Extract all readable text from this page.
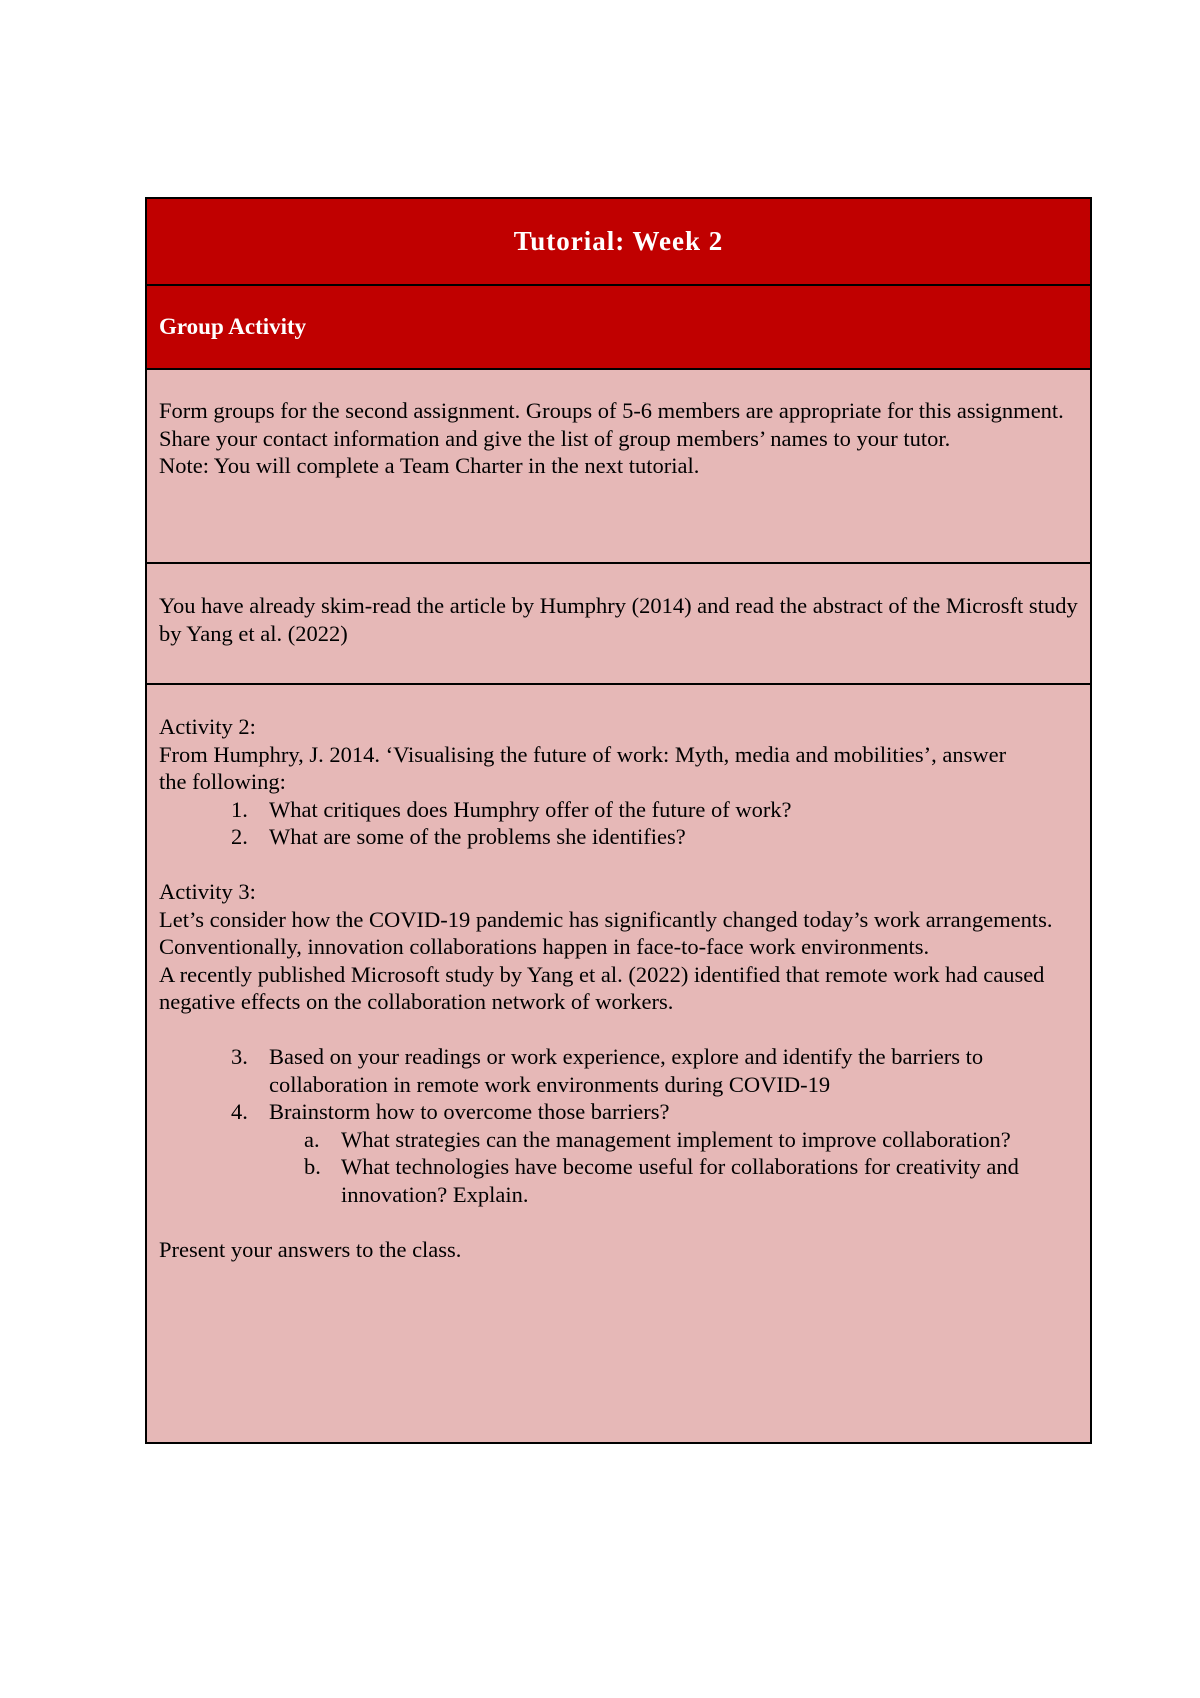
Tutorial: Week 2
Group Activity

Form groups for the second assignment. Groups of 5-6 members are appropriate for this assignment.

Share your contact information and give the list of group members’ names to your tutor.

Note: You will complete a Team Charter in the next tutorial.

You have already skim-read the article by Humphry (2014) and read the abstract of the Microsft study by Yang et al. (2022)

Activity 2:

From Humphry, J. 2014. ‘Visualising the future of work: Myth, media and mobilities’, answer

the following:

1. What critiques does Humphry offer of the future of work?
2. What are some of the problems she identifies?

Activity 3:

Let’s consider how the COVID-19 pandemic has significantly changed today’s work arrangements.

Conventionally, innovation collaborations happen in face-to-face work environments.

A recently published Microsoft study by Yang et al. (2022) identified that remote work had caused negative effects on the collaboration network of workers.

3. Based on your readings or work experience, explore and identify the barriers to collaboration in remote work environments during COVID-19
4. Brainstorm how to overcome those barriers?
a. What strategies can the management implement to improve collaboration?
b. What technologies have become useful for collaborations for creativity and innovation? Explain.

Present your answers to the class.
